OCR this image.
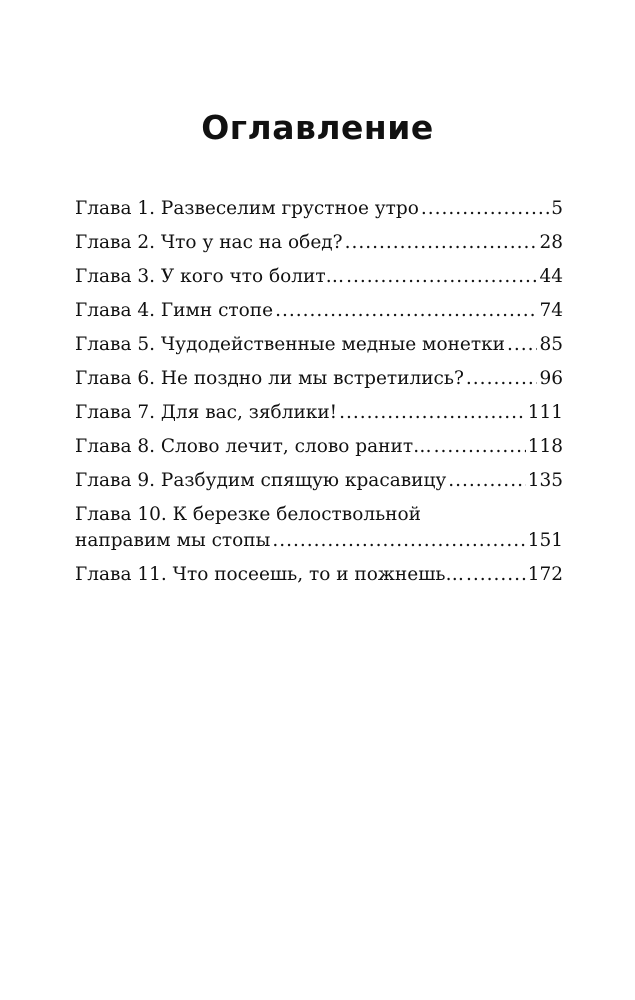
Оглавление
Глава 1. Развеселим грустное утро .....	5
Глава 2. Что у нас на обед? .....	28
Глава 3. У кого что болит… .....	44
Глава 4. Гимн стопе .....	74
Глава 5. Чудодейственные медные монетки ..... 85
Глава 6. Не поздно ли мы встретились? .....	96
Глава 7. Для вас, зяблики! .....	111
Глава 8. Слово лечит, слово ранит… .....	118
Глава 9. Разбудим спящую красавицу .....	135
Глава 10. К березке белоствольной
направим мы стопы .....	151
Глава 11. Что посеешь, то и пожнешь… .....	172
